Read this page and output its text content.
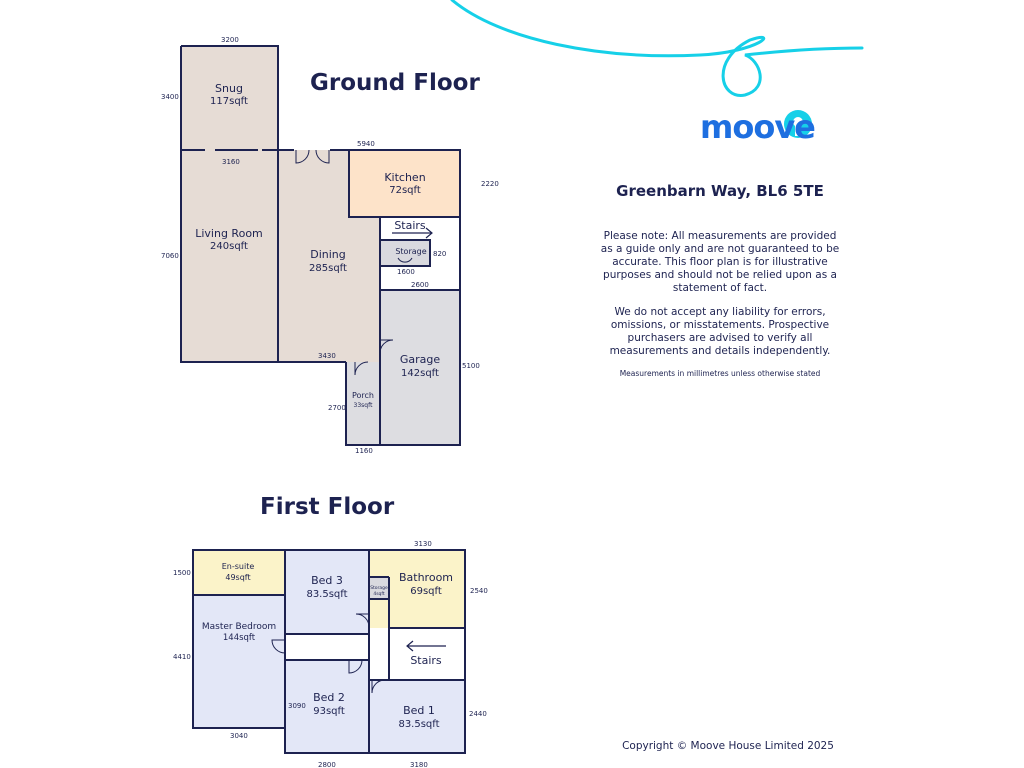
Ground Floor
Snug
117sqft
Living Room
240sqft
Dining
285sqft
Kitchen
72sqft
Stairs
Storage
Garage
142sqft
Porch
33sqft
3200
3400
3160
5940
2220
7060	820
1600
2600
3430
5100
2700
1160
First Floor
En-suite
49sqft	Bed 3
83.5sqft
Bathroom
69sqft
Storage
4sqft
Master Bedroom
144sqft
Stairs
Bed 2
93sqft	Bed 1
83.5sqft
3130
1500
2540
4410
3090
2440
3040
2800	3180
moove
Greenbarn Way, BL6 5TE

Please note: All measurements are provided as a guide only and are not guaranteed to be accurate. This floor plan is for illustrative purposes and should not be relied upon as a statement of fact.

We do not accept any liability for errors, omissions, or misstatements. Prospective purchasers are advised to verify all measurements and details independently.

Measurements in millimetres unless otherwise stated

Copyright © Moove House Limited 2025
